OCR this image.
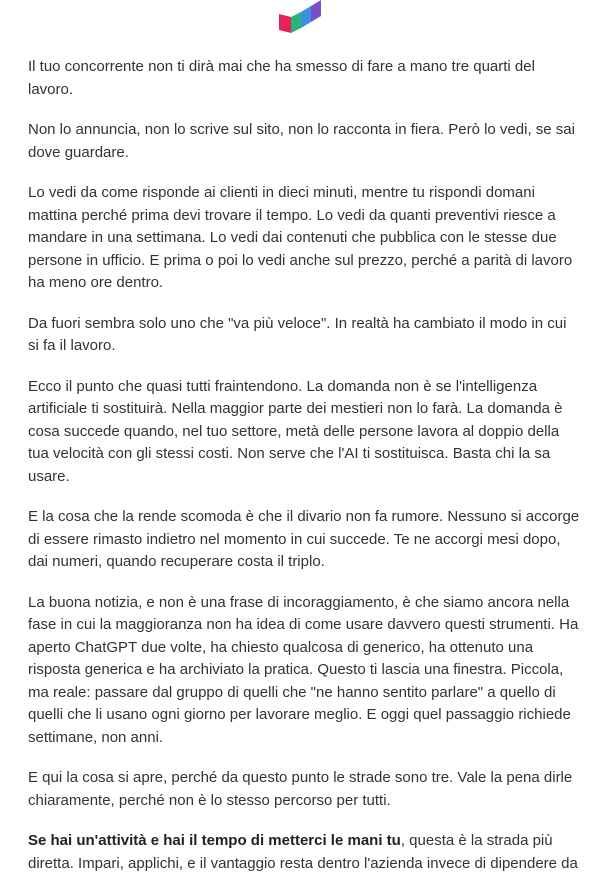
Il tuo concorrente non ti dirà mai che ha smesso di fare a mano tre quarti del lavoro.

Non lo annuncia, non lo scrive sul sito, non lo racconta in fiera. Però lo vedi, se sai dove guardare.

Lo vedi da come risponde ai clienti in dieci minuti, mentre tu rispondi domani mattina perché prima devi trovare il tempo. Lo vedi da quanti preventivi riesce a mandare in una settimana. Lo vedi dai contenuti che pubblica con le stesse due persone in ufficio. E prima o poi lo vedi anche sul prezzo, perché a parità di lavoro ha meno ore dentro.

Da fuori sembra solo uno che "va più veloce". In realtà ha cambiato il modo in cui si fa il lavoro.

Ecco il punto che quasi tutti fraintendono. La domanda non è se l'intelligenza artificiale ti sostituirà. Nella maggior parte dei mestieri non lo farà. La domanda è cosa succede quando, nel tuo settore, metà delle persone lavora al doppio della tua velocità con gli stessi costi. Non serve che l'AI ti sostituisca. Basta chi la sa usare.

E la cosa che la rende scomoda è che il divario non fa rumore. Nessuno si accorge di essere rimasto indietro nel momento in cui succede. Te ne accorgi mesi dopo, dai numeri, quando recuperare costa il triplo.

La buona notizia, e non è una frase di incoraggiamento, è che siamo ancora nella fase in cui la maggioranza non ha idea di come usare davvero questi strumenti. Ha aperto ChatGPT due volte, ha chiesto qualcosa di generico, ha ottenuto una risposta generica e ha archiviato la pratica. Questo ti lascia una finestra. Piccola, ma reale: passare dal gruppo di quelli che "ne hanno sentito parlare" a quello di quelli che li usano ogni giorno per lavorare meglio. E oggi quel passaggio richiede settimane, non anni.

E qui la cosa si apre, perché da questo punto le strade sono tre. Vale la pena dirle chiaramente, perché non è lo stesso percorso per tutti.

Se hai un'attività e hai il tempo di metterci le mani tu, questa è la strada più diretta. Impari, applichi, e il vantaggio resta dentro l'azienda invece di dipendere da
